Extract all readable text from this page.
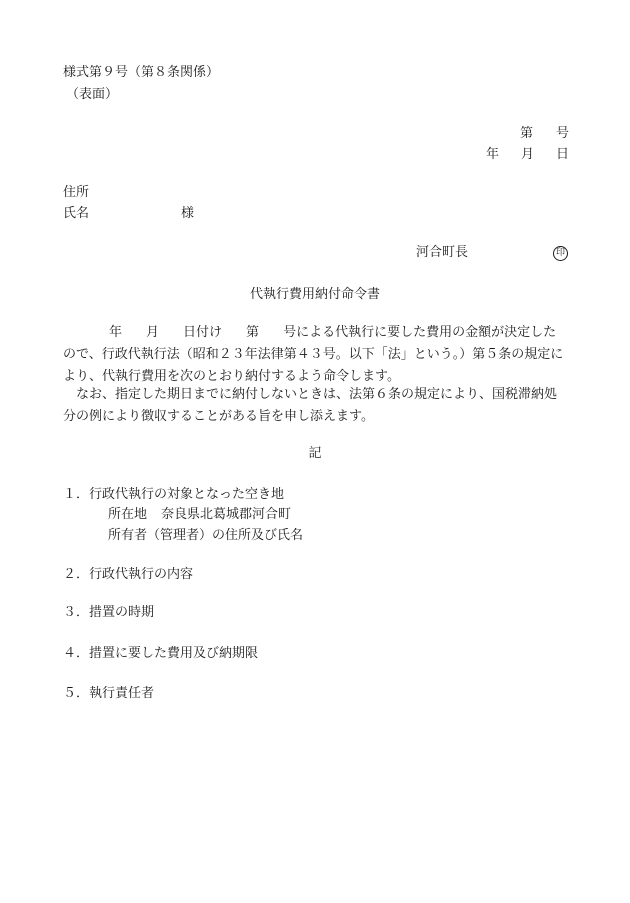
様式第９号（第８条関係）
（表面）
第 号
年 月 日
住所
氏名	様
河合町長	印
代執行費用納付命令書
年 月 日付け 第 号による代執行に要した費用の金額が決定したので、行政代執行法（昭和２３年法律第４３号。以下「法」という。）第５条の規定により、代執行費用を次のとおり納付するよう命令します。
なお、指定した期日までに納付しないときは、法第６条の規定により、国税滞納処分の例により徴収することがある旨を申し添えます。
記
１．行政代執行の対象となった空き地
所在地 奈良県北葛城郡河合町
所有者（管理者）の住所及び氏名
２．行政代執行の内容
３．措置の時期
４．措置に要した費用及び納期限
５．執行責任者
